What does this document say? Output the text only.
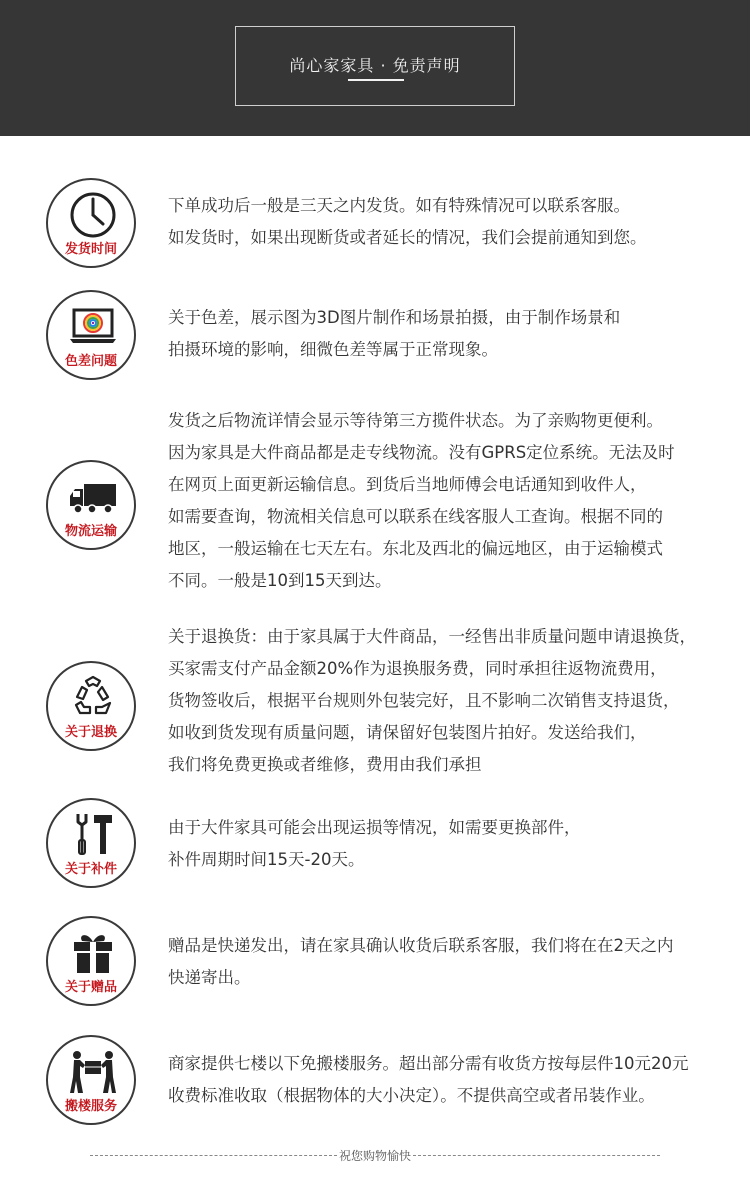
尚心家家具 · 免责声明
发货时间
下单成功后一般是三天之内发货。如有特殊情况可以联系客服。
如发货时，如果出现断货或者延长的情况，我们会提前通知到您。
色差问题
关于色差，展示图为3D图片制作和场景拍摄，由于制作场景和
拍摄环境的影响，细微色差等属于正常现象。
物流运输
发货之后物流详情会显示等待第三方揽件状态。为了亲购物更便利。
因为家具是大件商品都是走专线物流。没有GPRS定位系统。无法及时
在网页上面更新运输信息。到货后当地师傅会电话通知到收件人，
如需要查询，物流相关信息可以联系在线客服人工查询。根据不同的
地区，一般运输在七天左右。东北及西北的偏远地区，由于运输模式
不同。一般是10到15天到达。
关于退换
关于退换货：由于家具属于大件商品，一经售出非质量问题申请退换货，
买家需支付产品金额20%作为退换服务费，同时承担往返物流费用，
货物签收后，根据平台规则外包装完好，且不影响二次销售支持退货，
如收到货发现有质量问题，请保留好包装图片拍好。发送给我们，
我们将免费更换或者维修，费用由我们承担
关于补件
由于大件家具可能会出现运损等情况，如需要更换部件，
补件周期时间15天-20天。
关于赠品
赠品是快递发出，请在家具确认收货后联系客服，我们将在在2天之内
快递寄出。
搬楼服务
商家提供七楼以下免搬楼服务。超出部分需有收货方按每层件10元20元
收费标准收取（根据物体的大小决定）。不提供高空或者吊装作业。
祝您购物愉快
